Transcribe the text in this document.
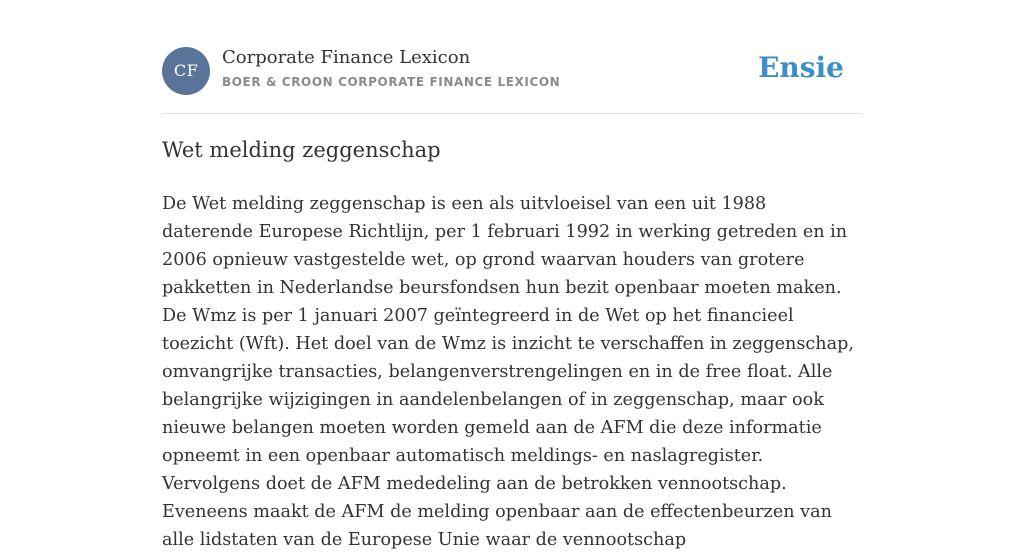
CF
Corporate Finance Lexicon
BOER & CROON CORPORATE FINANCE LEXICON	Ensie
Wet melding zeggenschap

De Wet melding zeggenschap is een als uitvloeisel van een uit 1988 daterende Europese Richtlijn, per 1 februari 1992 in werking getreden en in 2006 opnieuw vastgestelde wet, op grond waarvan houders van grotere pakketten in Nederlandse beursfondsen hun bezit openbaar moeten maken. De Wmz is per 1 januari 2007 geïntegreerd in de Wet op het financieel toezicht (Wft). Het doel van de Wmz is inzicht te verschaffen in zeggenschap, omvangrijke transacties, belangenverstrengelingen en in de free float. Alle belangrijke wijzigingen in aandelenbelangen of in zeggenschap, maar ook nieuwe belangen moeten worden gemeld aan de AFM die deze informatie opneemt in een openbaar automatisch meldings- en naslagregister. Vervolgens doet de AFM mededeling aan de betrokken vennootschap. Eveneens maakt de AFM de melding openbaar aan de effectenbeurzen van alle lidstaten van de Europese Unie waar de vennootschap
